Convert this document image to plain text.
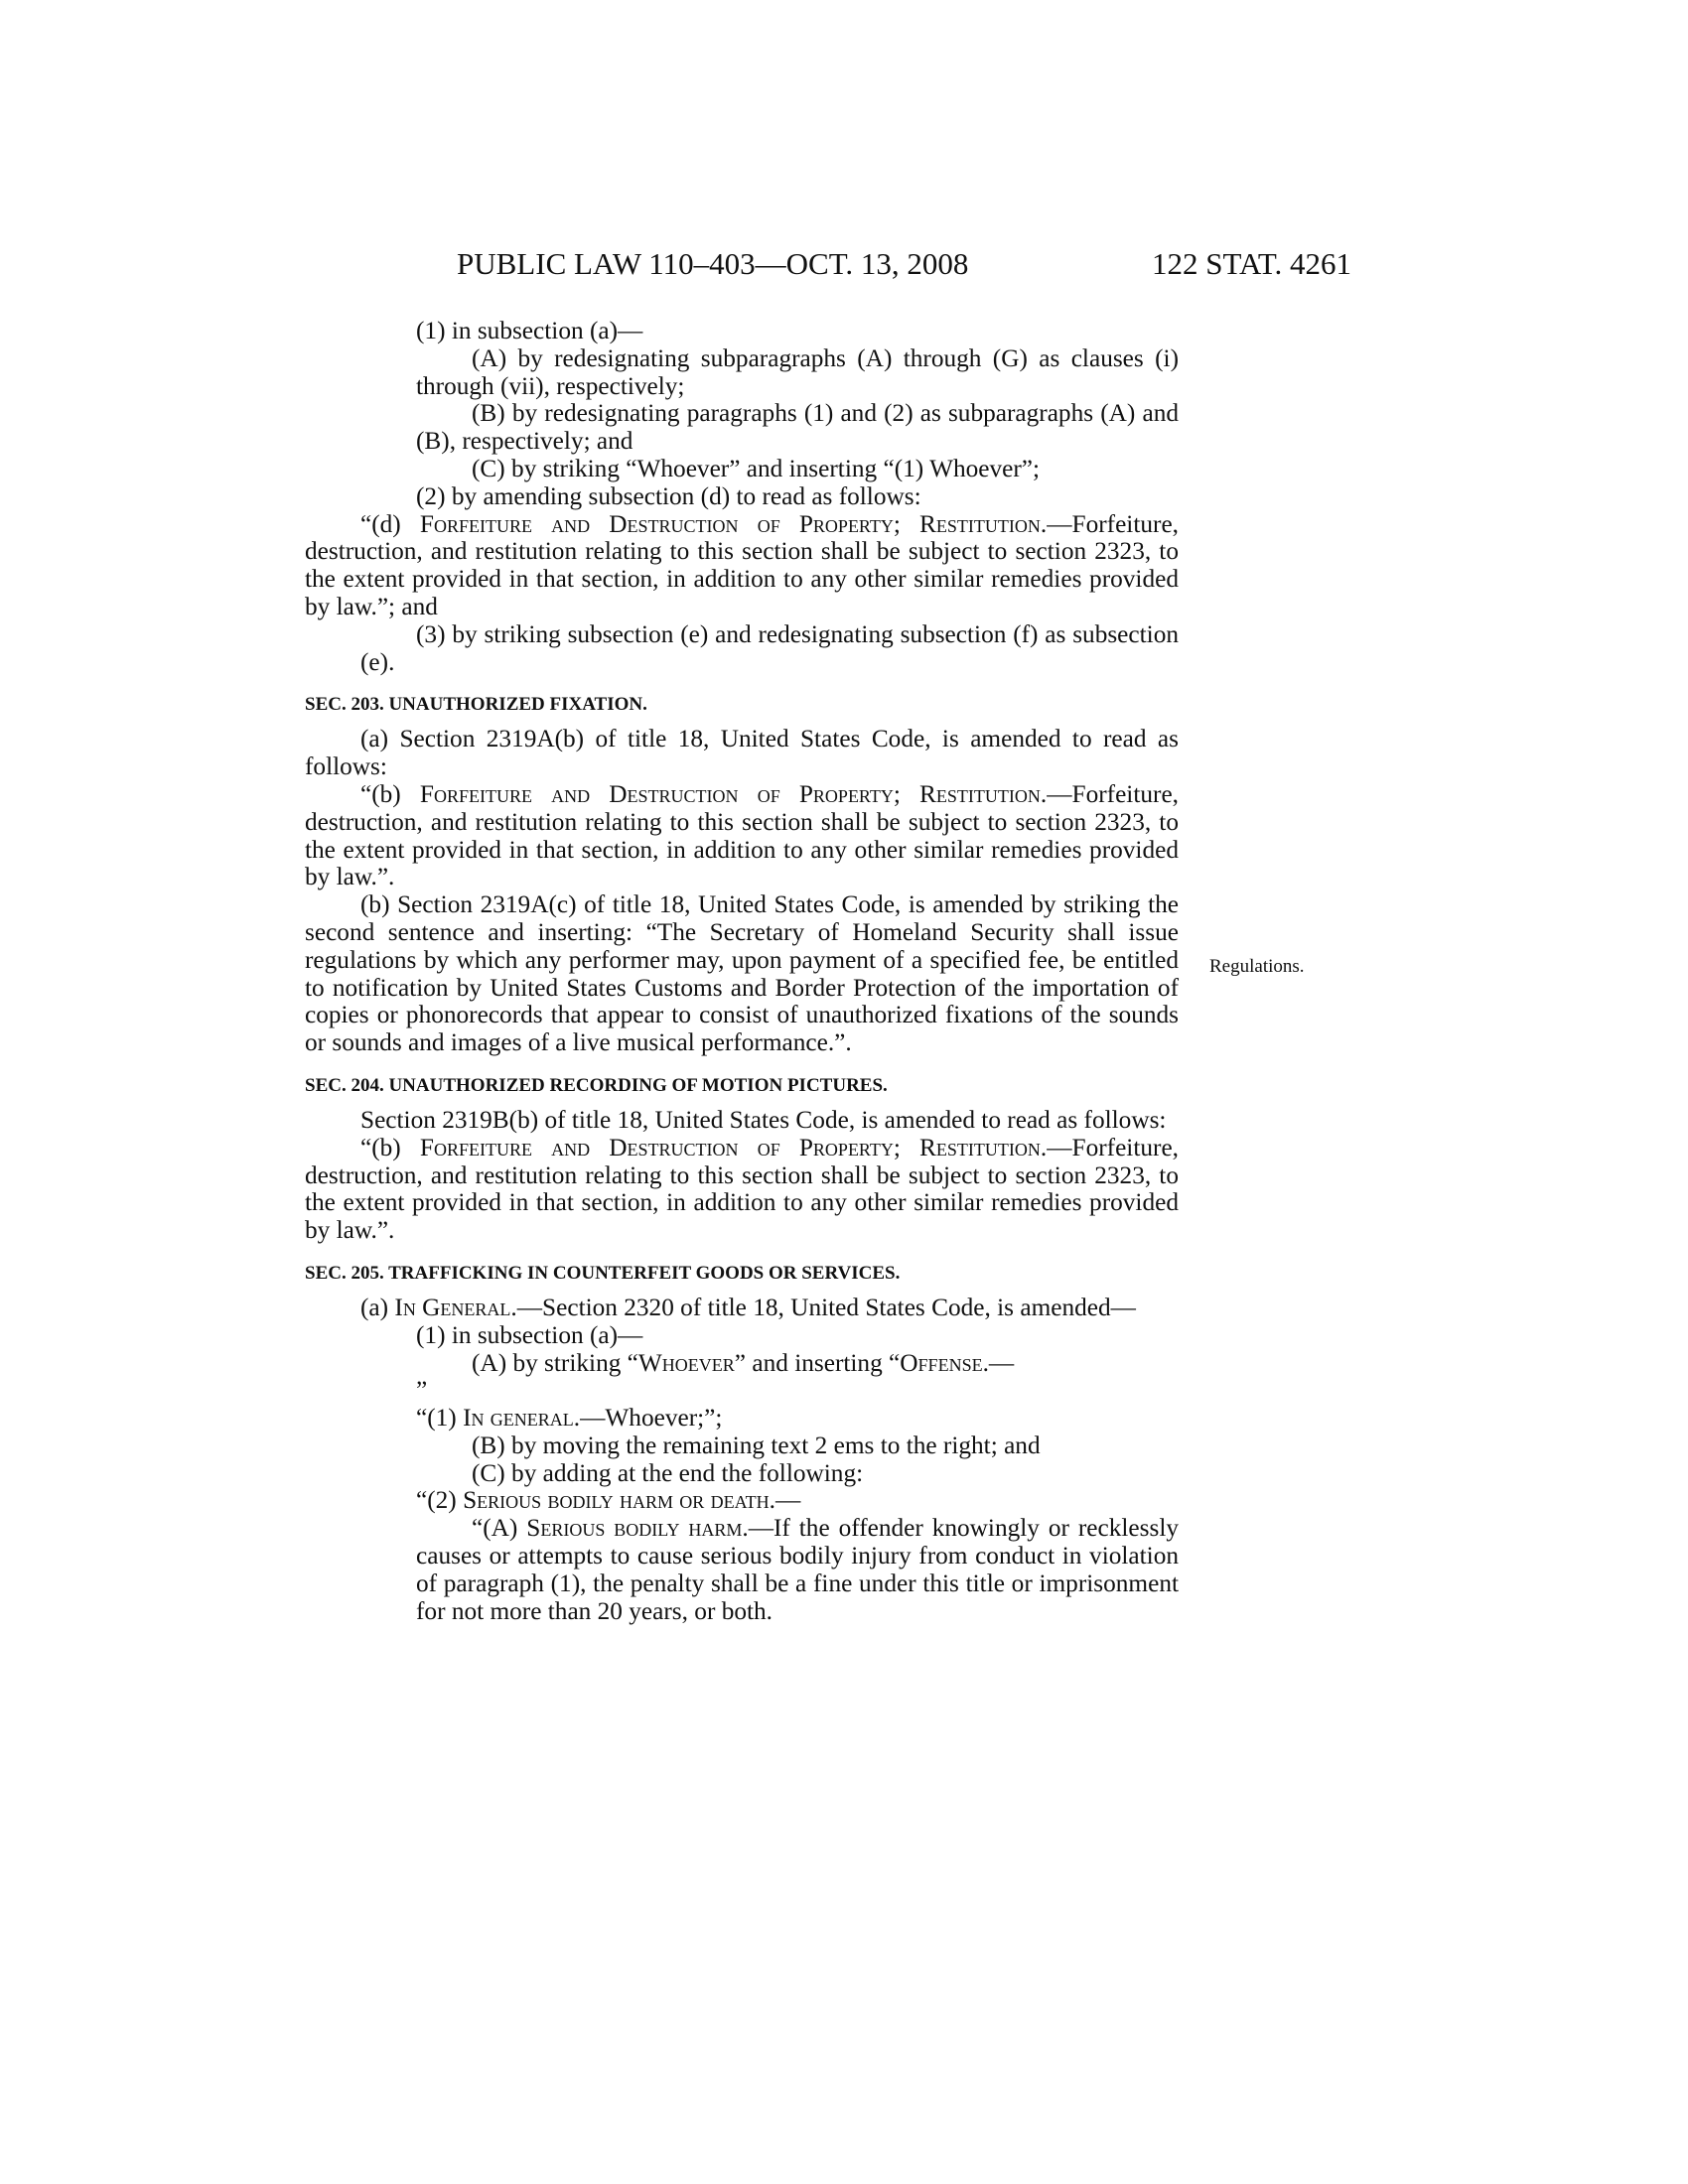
PUBLIC LAW 110–403—OCT. 13, 2008	122 STAT. 4261
Regulations.

(1) in subsection (a)—

(A) by redesignating subparagraphs (A) through (G) as clauses (i) through (vii), respectively;

(B) by redesignating paragraphs (1) and (2) as subparagraphs (A) and (B), respectively; and

(C) by striking “Whoever” and inserting “(1) Whoever”;

(2) by amending subsection (d) to read as follows:

“(d) Forfeiture and Destruction of Property; Restitution.—Forfeiture, destruction, and restitution relating to this section shall be subject to section 2323, to the extent provided in that section, in addition to any other similar remedies provided by law.”; and

(3) by striking subsection (e) and redesignating subsection (f) as subsection (e).

SEC. 203. UNAUTHORIZED FIXATION.

(a) Section 2319A(b) of title 18, United States Code, is amended to read as follows:

“(b) Forfeiture and Destruction of Property; Restitution.—Forfeiture, destruction, and restitution relating to this section shall be subject to section 2323, to the extent provided in that section, in addition to any other similar remedies provided by law.”.

(b) Section 2319A(c) of title 18, United States Code, is amended by striking the second sentence and inserting: “The Secretary of Homeland Security shall issue regulations by which any performer may, upon payment of a specified fee, be entitled to notification by United States Customs and Border Protection of the importation of copies or phonorecords that appear to consist of unauthorized fixations of the sounds or sounds and images of a live musical performance.”.

SEC. 204. UNAUTHORIZED RECORDING OF MOTION PICTURES.

Section 2319B(b) of title 18, United States Code, is amended to read as follows:

“(b) Forfeiture and Destruction of Property; Restitution.—Forfeiture, destruction, and restitution relating to this section shall be subject to section 2323, to the extent provided in that section, in addition to any other similar remedies provided by law.”.

SEC. 205. TRAFFICKING IN COUNTERFEIT GOODS OR SERVICES.

(a) In General.—Section 2320 of title 18, United States Code, is amended—

(1) in subsection (a)—

(A) by striking “Whoever” and inserting “Offense.—

”

“(1) In general.—Whoever;”;

(B) by moving the remaining text 2 ems to the right; and

(C) by adding at the end the following:

“(2) Serious bodily harm or death.—

“(A) Serious bodily harm.—If the offender knowingly or recklessly causes or attempts to cause serious bodily injury from conduct in violation of paragraph (1), the penalty shall be a fine under this title or imprisonment for not more than 20 years, or both.
